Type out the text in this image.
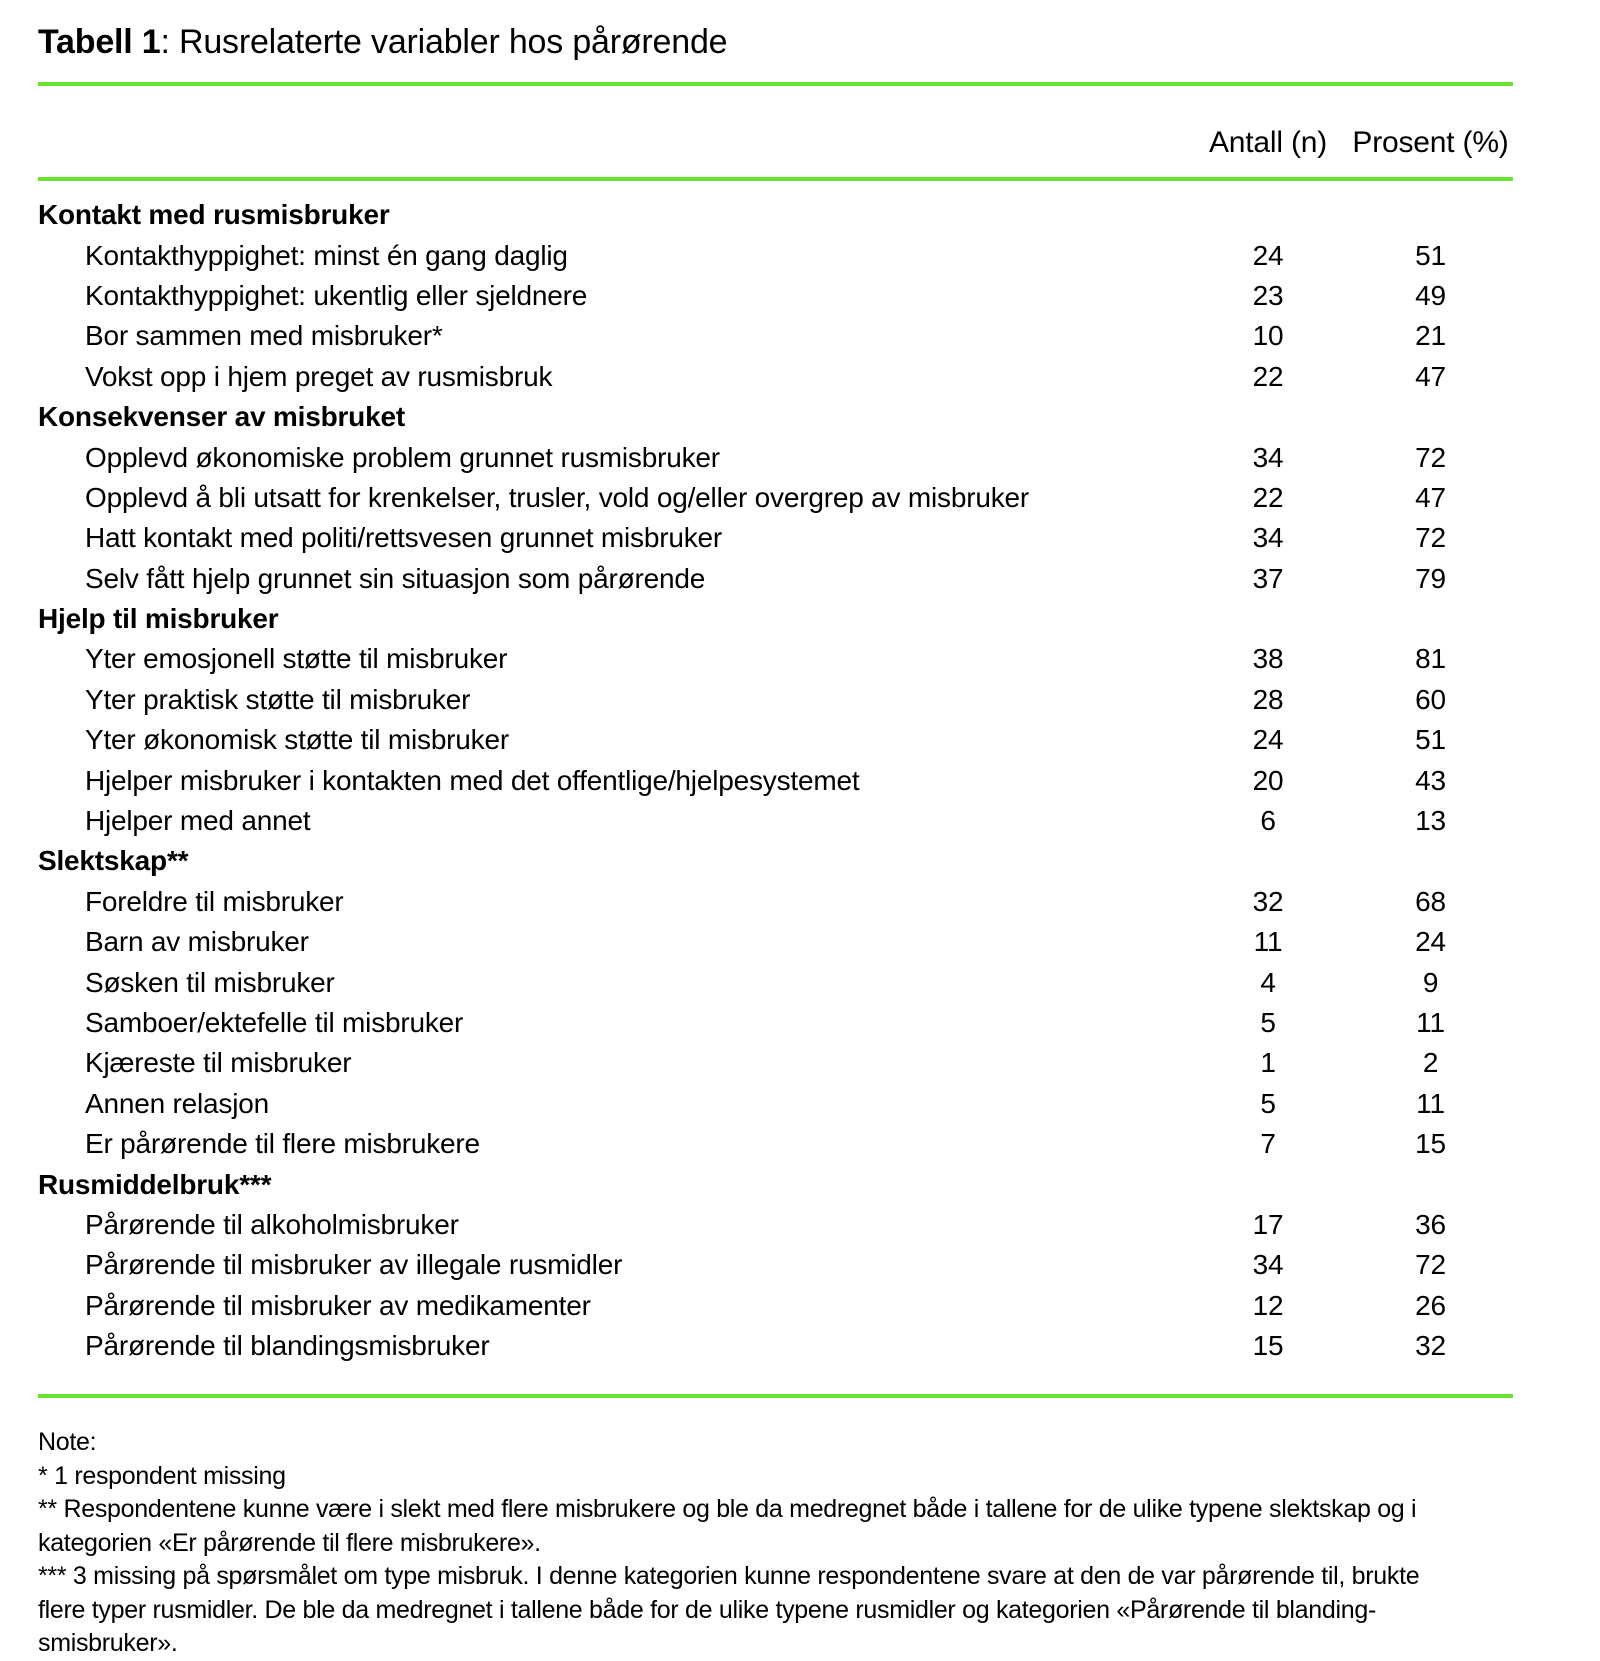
Tabell 1: Rusrelaterte variabler hos pårørende
Antall (n) Prosent (%)
Kontakt med rusmisbruker
Kontakthyppighet: minst én gang daglig	24	51
Kontakthyppighet: ukentlig eller sjeldnere	23	49
Bor sammen med misbruker*	10	21
Vokst opp i hjem preget av rusmisbruk	22	47
Konsekvenser av misbruket
Opplevd økonomiske problem grunnet rusmisbruker	34	72
Opplevd å bli utsatt for krenkelser, trusler, vold og/eller overgrep av misbruker	22	47
Hatt kontakt med politi/rettsvesen grunnet misbruker	34	72
Selv fått hjelp grunnet sin situasjon som pårørende	37	79
Hjelp til misbruker
Yter emosjonell støtte til misbruker	38	81
Yter praktisk støtte til misbruker	28	60
Yter økonomisk støtte til misbruker	24	51
Hjelper misbruker i kontakten med det offentlige/hjelpesystemet	20	43
Hjelper med annet	6	13
Slektskap**
Foreldre til misbruker	32	68
Barn av misbruker	11	24
Søsken til misbruker	4	9
Samboer/ektefelle til misbruker	5	11
Kjæreste til misbruker	1	2
Annen relasjon	5	11
Er pårørende til flere misbrukere	7	15
Rusmiddelbruk***
Pårørende til alkoholmisbruker	17	36
Pårørende til misbruker av illegale rusmidler	34	72
Pårørende til misbruker av medikamenter	12	26
Pårørende til blandingsmisbruker	15	32
Note:
* 1 respondent missing
** Respondentene kunne være i slekt med flere misbrukere og ble da medregnet både i tallene for de ulike typene slektskap og i
kategorien «Er pårørende til flere misbrukere».
*** 3 missing på spørsmålet om type misbruk. I denne kategorien kunne respondentene svare at den de var pårørende til, brukte
flere typer rusmidler. De ble da medregnet i tallene både for de ulike typene rusmidler og kategorien «Pårørende til blanding-
smisbruker».
